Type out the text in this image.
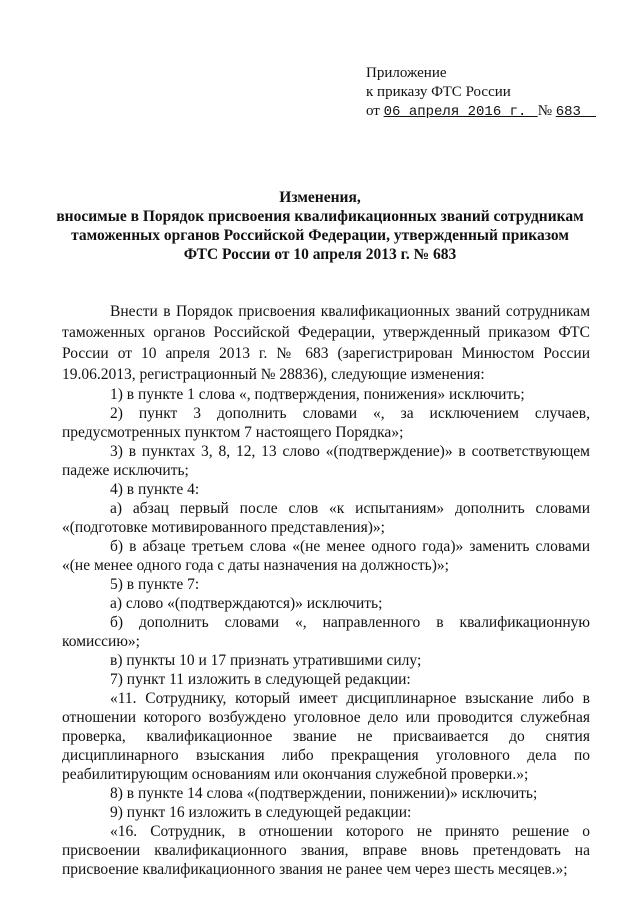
Приложение
к приказу ФТС России
от 06 апреля 2016 г. № 683
Изменения,
вносимые в Порядок присвоения квалификационных званий сотрудникам
таможенных органов Российской Федерации, утвержденный приказом
ФТС России от 10 апреля 2013 г. № 683

Внести в Порядок присвоения квалификационных званий сотрудникам таможенных органов Российской Федерации, утвержденный приказом ФТС России от 10 апреля 2013 г. № 683 (зарегистрирован Минюстом России 19.06.2013, регистрационный № 28836), следующие изменения:

1) в пункте 1 слова «, подтверждения, понижения» исключить;

2) пункт 3 дополнить словами «, за исключением случаев, предусмотренных пунктом 7 настоящего Порядка»;

3) в пунктах 3, 8, 12, 13 слово «(подтверждение)» в соответствующем падеже исключить;

4) в пункте 4:

а) абзац первый после слов «к испытаниям» дополнить словами «(подготовке мотивированного представления)»;

б) в абзаце третьем слова «(не менее одного года)» заменить словами «(не менее одного года с даты назначения на должность)»;

5) в пункте 7:

а) слово «(подтверждаются)» исключить;

б) дополнить словами «, направленного в квалификационную комиссию»;

в) пункты 10 и 17 признать утратившими силу;

7) пункт 11 изложить в следующей редакции:

«11. Сотруднику, который имеет дисциплинарное взыскание либо в отношении которого возбуждено уголовное дело или проводится служебная проверка, квалификационное звание не присваивается до снятия дисциплинарного взыскания либо прекращения уголовного дела по реабилитирующим основаниям или окончания служебной проверки.»;

8) в пункте 14 слова «(подтверждении, понижении)» исключить;

9) пункт 16 изложить в следующей редакции:

«16. Сотрудник, в отношении которого не принято решение о присвоении квалификационного звания, вправе вновь претендовать на присвоение квалификационного звания не ранее чем через шесть месяцев.»;
